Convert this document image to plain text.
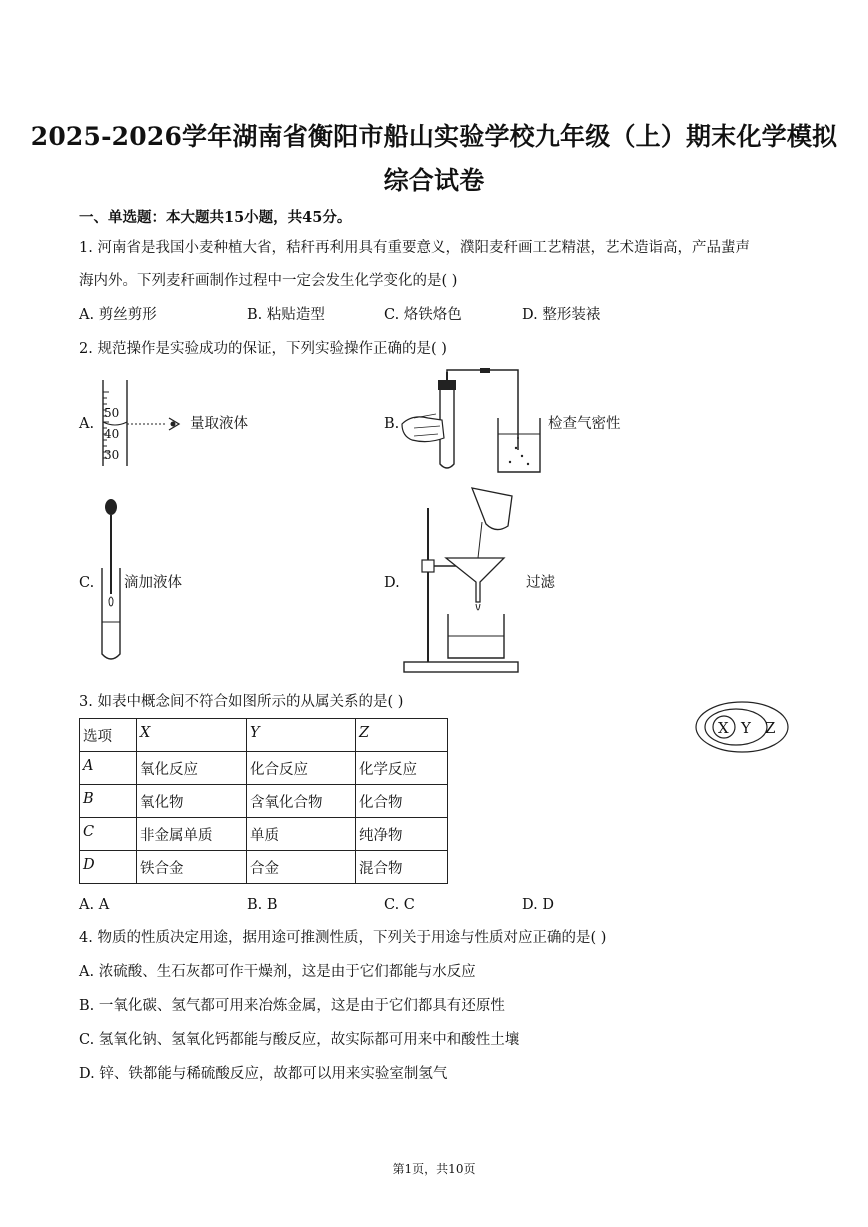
2025-2026学年湖南省衡阳市船山实验学校九年级（上）期末化学模拟
综合试卷
一、单选题：本大题共15小题，共45分。
1. 河南省是我国小麦种植大省，秸秆再利用具有重要意义，濮阳麦秆画工艺精湛，艺术造诣高，产品蜚声
海内外。下列麦秆画制作过程中一定会发生化学变化的是( )
A. 剪丝剪形	B. 粘贴造型	C. 烙铁烙色	D. 整形装裱
2. 规范操作是实验成功的保证，下列实验操作正确的是( )
A.
50
40
30
量取液体	B.	检查气密性
C. 滴加液体	D.	过滤
3. 如表中概念间不符合如图所示的从属关系的是( )
X Y Z
选项	X	Y	Z
A	氧化反应	化合反应	化学反应
B	氧化物	含氧化合物	化合物
C	非金属单质	单质	纯净物
D	铁合金	合金	混合物
A. A	B. B	C. C	D. D
4. 物质的性质决定用途，据用途可推测性质，下列关于用途与性质对应正确的是( )
A. 浓硫酸、生石灰都可作干燥剂，这是由于它们都能与水反应
B. 一氧化碳、氢气都可用来冶炼金属，这是由于它们都具有还原性
C. 氢氧化钠、氢氧化钙都能与酸反应，故实际都可用来中和酸性土壤
D. 锌、铁都能与稀硫酸反应，故都可以用来实验室制氢气
第1页，共10页
